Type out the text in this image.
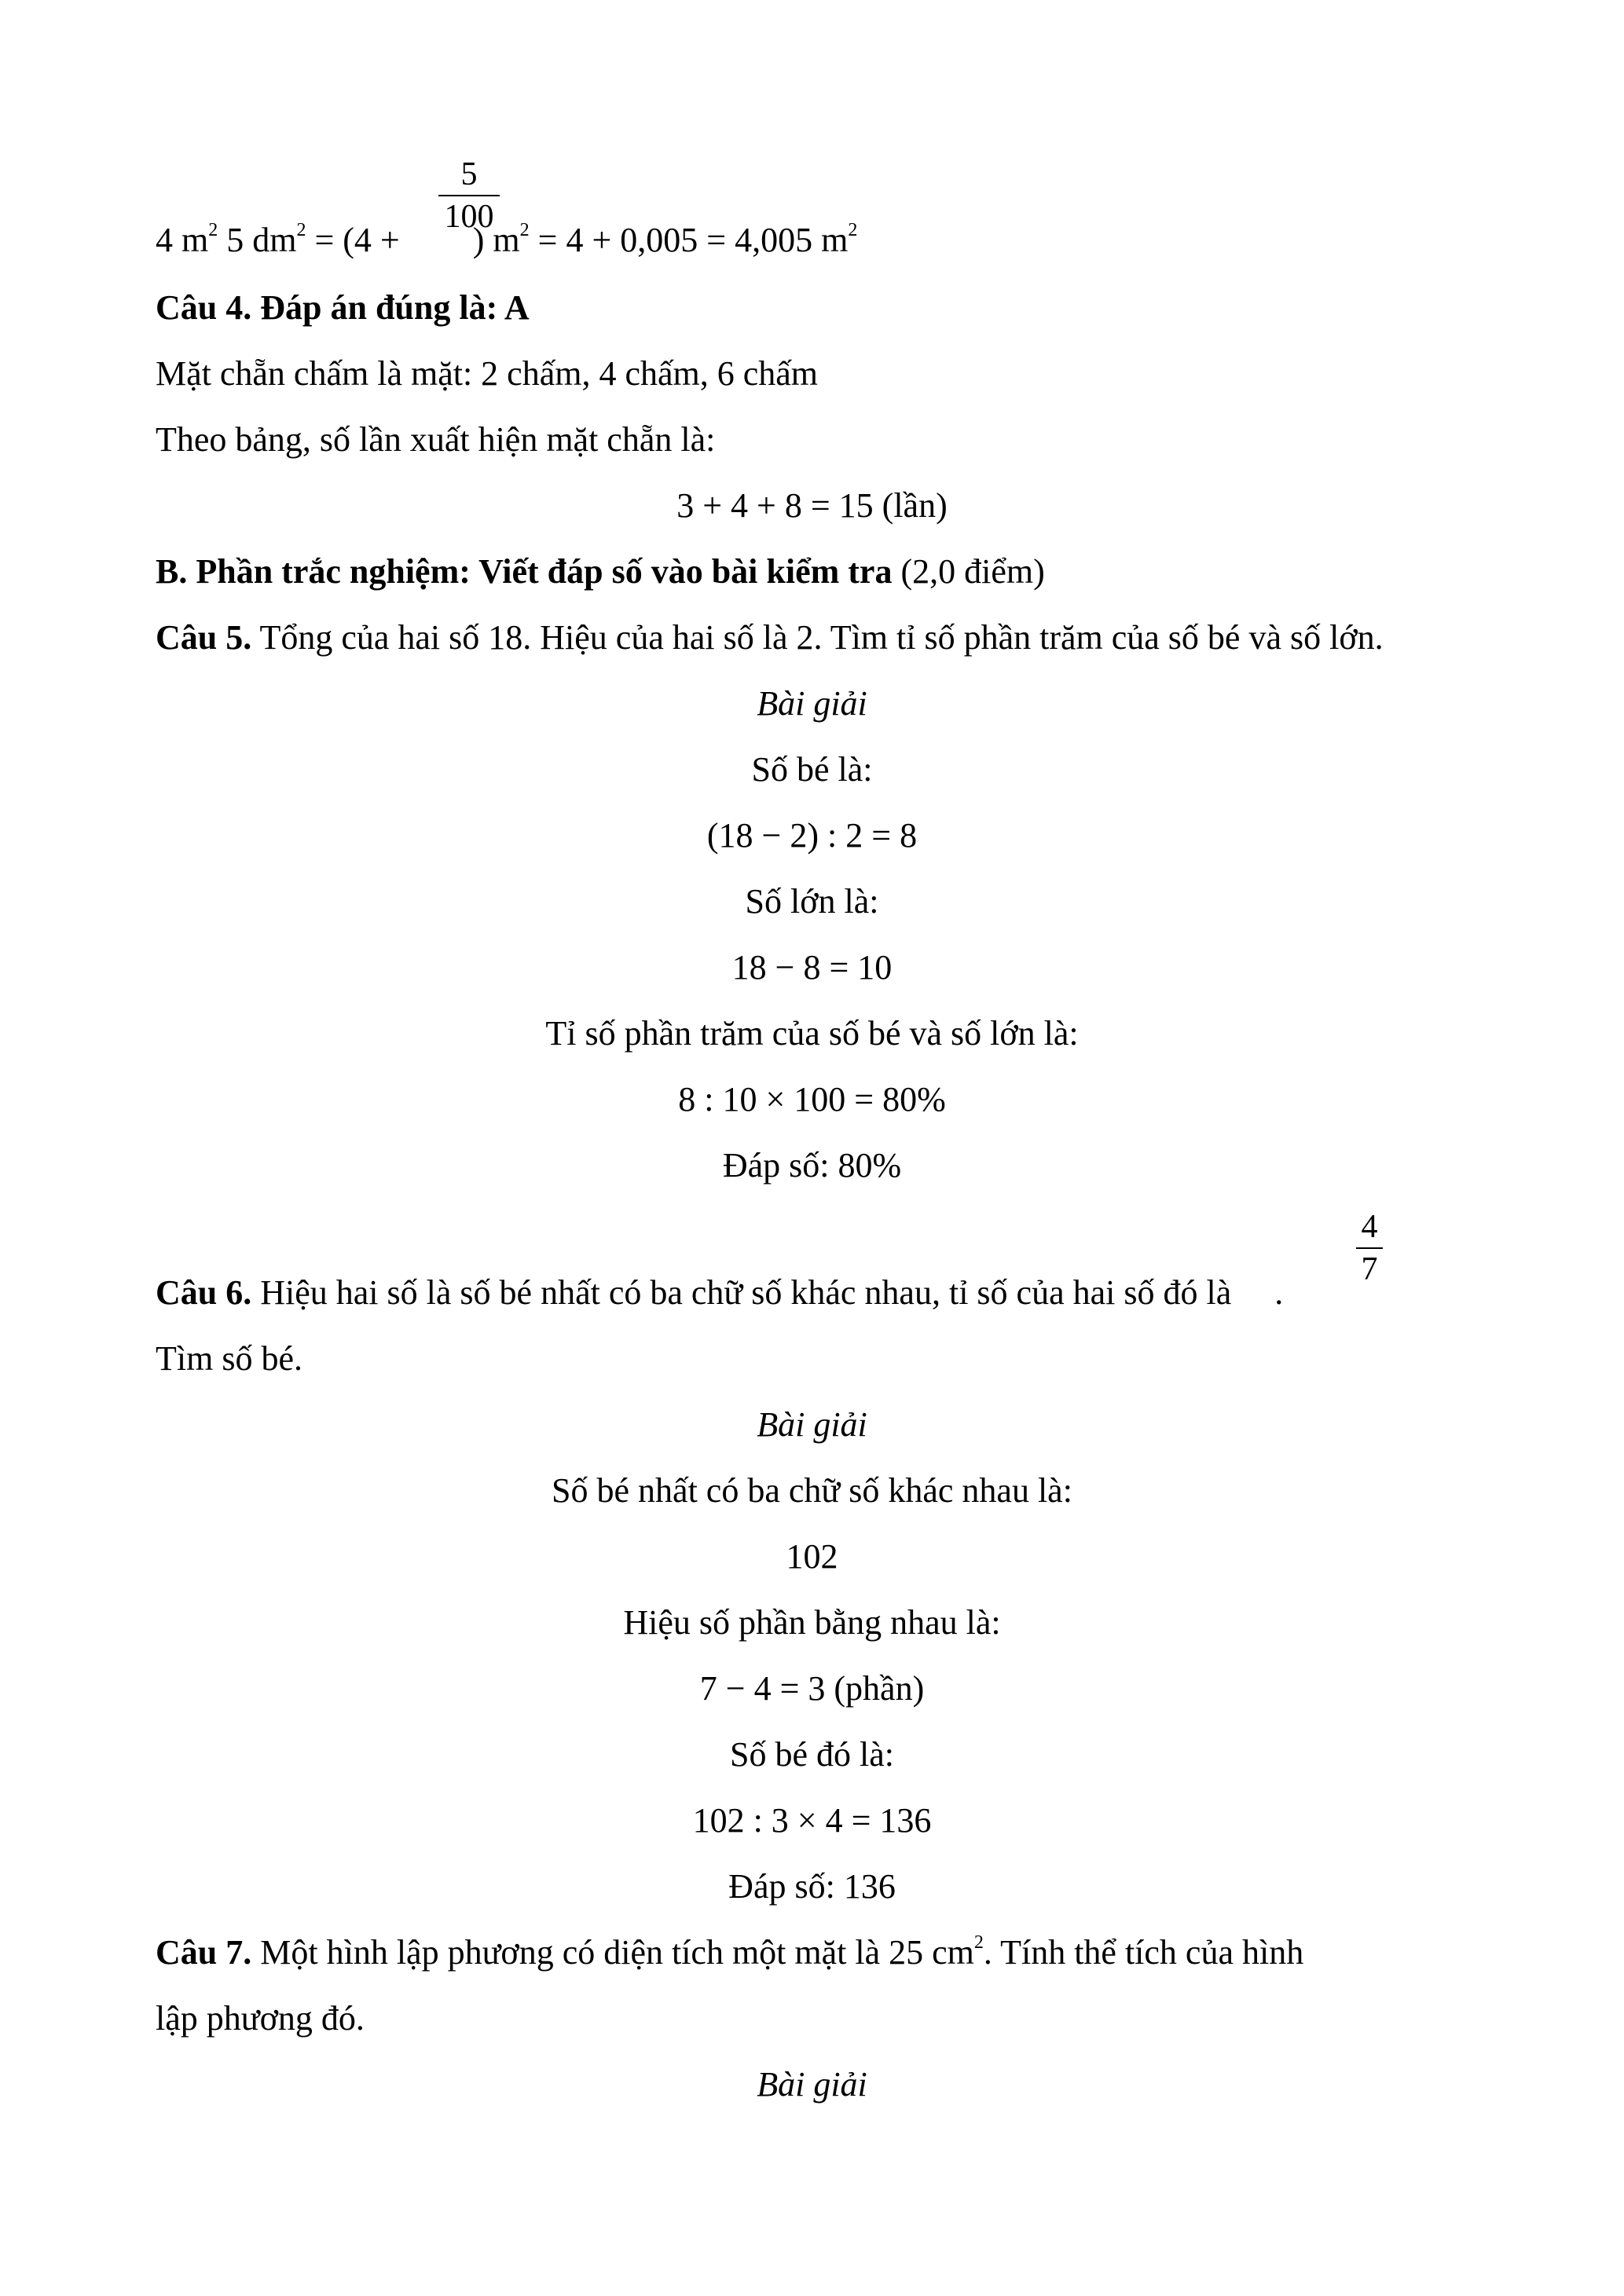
4 $m^2$ 5 $dm^2 = (4$ + ) $m^2 = 4 + 0,005 = 4,005$ $m^2$
5
100
Câu 4. Đáp án đúng là: A
Mặt chẵn chấm là mặt: 2 chấm, 4 chấm, 6 chấm
Theo bảng, số lần xuất hiện mặt chẵn là:
3 + 4 + 8 = 15 (lần)
B. Phần trắc nghiệm: Viết đáp số vào bài kiểm tra (2,0 điểm)
Câu 5. Tổng của hai số 18. Hiệu của hai số là 2. Tìm tỉ số phần trăm của số bé và số lớn.
Bài giải
Số bé là:
(18 − 2) : 2 = 8
Số lớn là:
18 − 8 = 10
Tỉ số phần trăm của số bé và số lớn là:
8 : 10 × 100 = 80%
Đáp số: 80%
Câu 6. Hiệu hai số là số bé nhất có ba chữ số khác nhau, tỉ số của hai số đó là .
4
7
Tìm số bé.
Bài giải
Số bé nhất có ba chữ số khác nhau là:
102
Hiệu số phần bằng nhau là:
7 − 4 = 3 (phần)
Số bé đó là:
102 : 3 × 4 = 136
Đáp số: 136
Câu 7. Một hình lập phương có diện tích một mặt là 25 $cm^2$. Tính thể tích của hình
lập phương đó.
Bài giải
